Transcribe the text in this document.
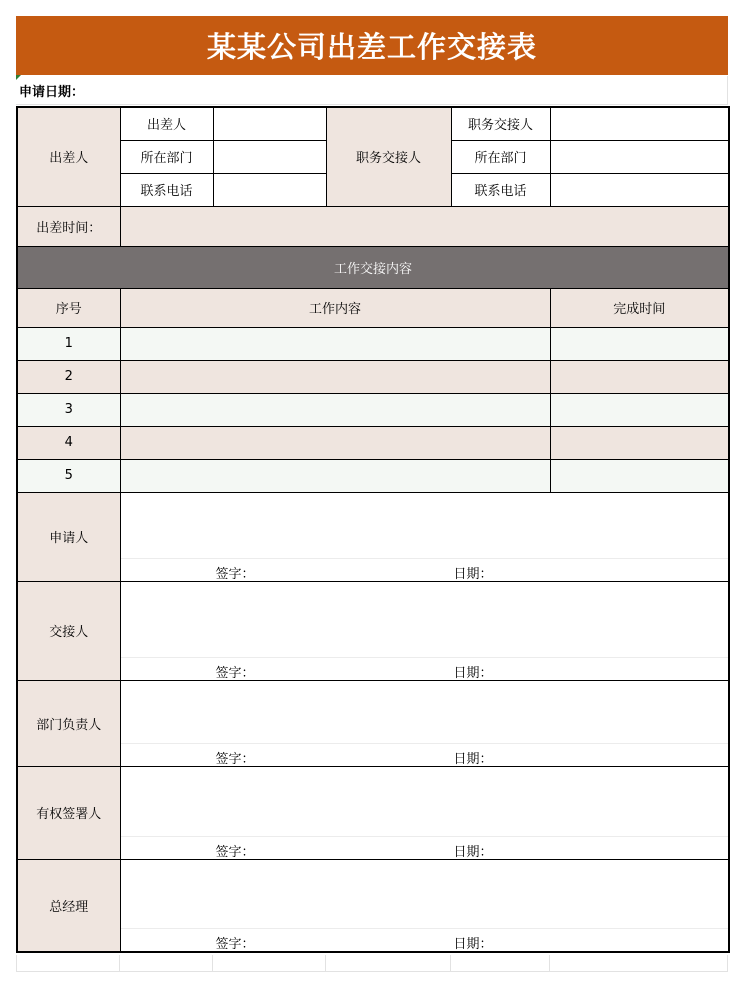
某某公司出差工作交接表
申请日期：
出差人	出差人		职务交接人	职务交接人	
	所在部门			所在部门	
	联系电话			联系电话	
出差时间：					
工作交接内容					
序号	工作内容				完成时间
1					
2					
3					
4					
5					
申请人	签字： 日期：				

交接人	签字： 日期：				

部门负责人	签字： 日期：				

有权签署人	签字： 日期：				

总经理	签字： 日期：				
